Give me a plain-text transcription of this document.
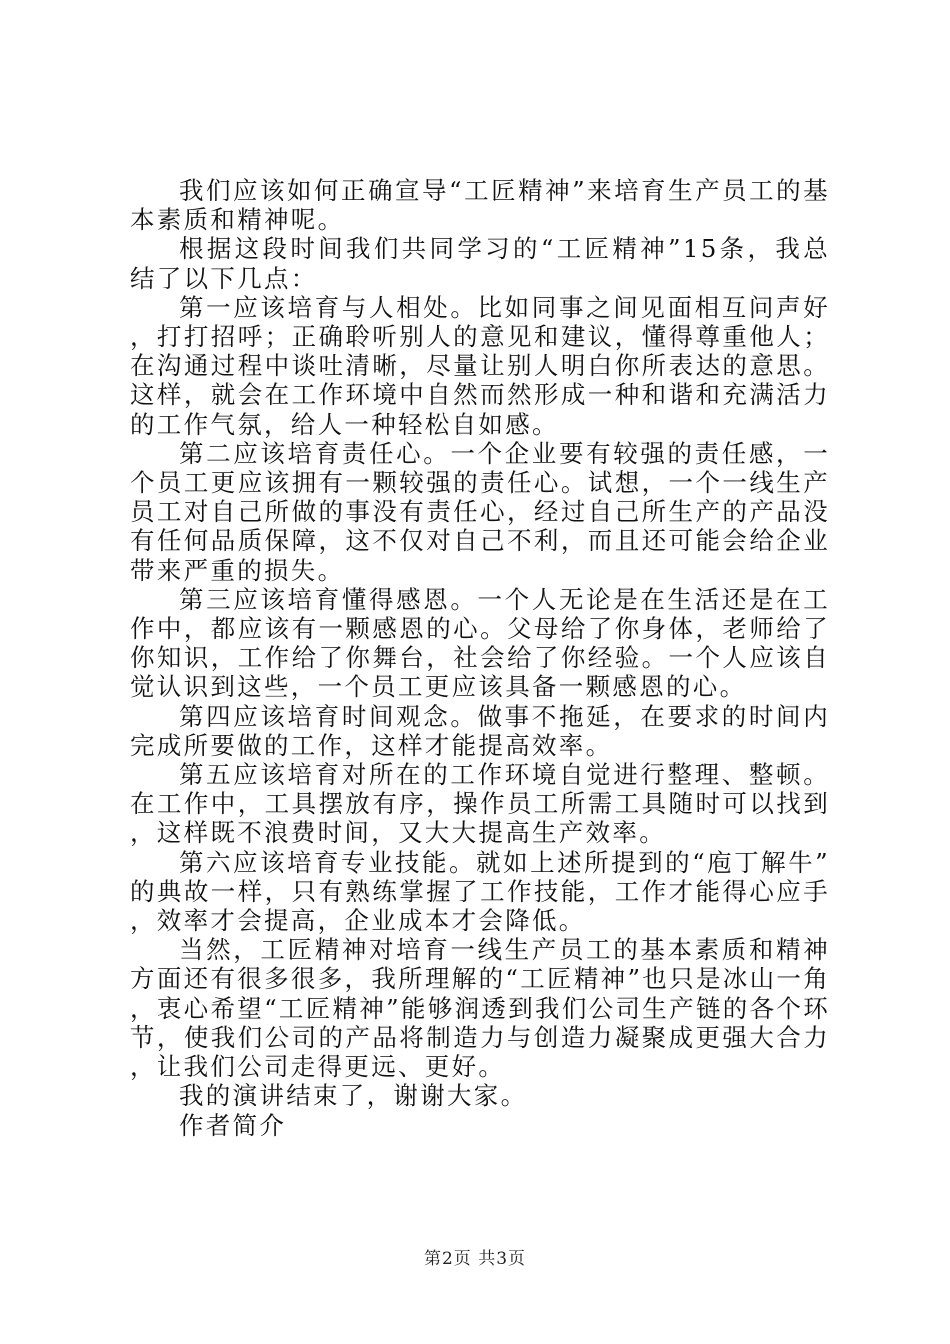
我们应该如何正确宣导“工匠精神”来培育生产员工的基本素质和精神呢。

根据这段时间我们共同学习的“工匠精神”15条，我总结了以下几点：

第一应该培育与人相处。比如同事之间见面相互问声好，打打招呼；正确聆听别人的意见和建议，懂得尊重他人；在沟通过程中谈吐清晰，尽量让别人明白你所表达的意思。这样，就会在工作环境中自然而然形成一种和谐和充满活力的工作气氛，给人一种轻松自如感。

第二应该培育责任心。一个企业要有较强的责任感，一个员工更应该拥有一颗较强的责任心。试想，一个一线生产员工对自己所做的事没有责任心，经过自己所生产的产品没有任何品质保障，这不仅对自己不利，而且还可能会给企业带来严重的损失。

第三应该培育懂得感恩。一个人无论是在生活还是在工作中，都应该有一颗感恩的心。父母给了你身体，老师给了你知识，工作给了你舞台，社会给了你经验。一个人应该自觉认识到这些，一个员工更应该具备一颗感恩的心。

第四应该培育时间观念。做事不拖延，在要求的时间内完成所要做的工作，这样才能提高效率。

第五应该培育对所在的工作环境自觉进行整理、整顿。在工作中，工具摆放有序，操作员工所需工具随时可以找到，这样既不浪费时间，又大大提高生产效率。

第六应该培育专业技能。就如上述所提到的“庖丁解牛”的典故一样，只有熟练掌握了工作技能，工作才能得心应手，效率才会提高，企业成本才会降低。

当然，工匠精神对培育一线生产员工的基本素质和精神方面还有很多很多，我所理解的“工匠精神”也只是冰山一角，衷心希望“工匠精神”能够润透到我们公司生产链的各个环节，使我们公司的产品将制造力与创造力凝聚成更强大合力，让我们公司走得更远、更好。

我的演讲结束了，谢谢大家。

作者简介

第2页 共3页
